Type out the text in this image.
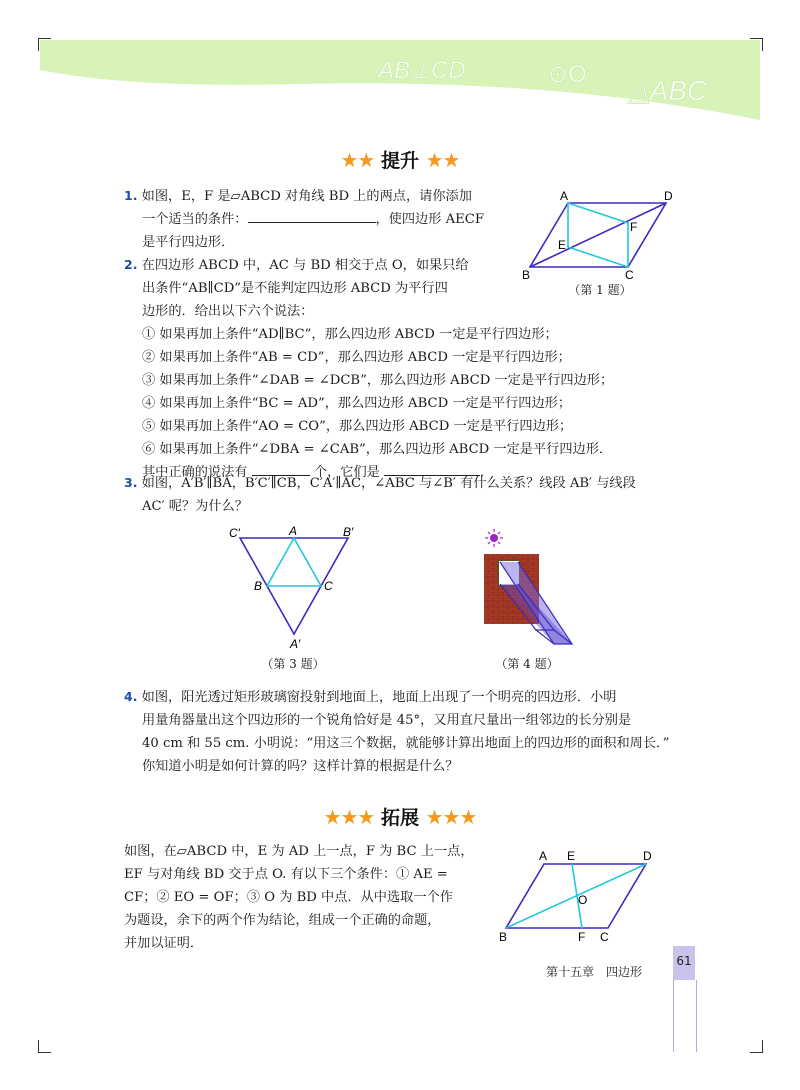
AB⊥CD	⊙O
△ABC
★★ 提升 ★★
1. 如图，E，F 是▱ABCD 对角线 BD 上的两点，请你添加
一个适当的条件：	，使四边形 AECF
是平行四边形．
2. 在四边形 ABCD 中，AC 与 BD 相交于点 O，如果只给
出条件“AB∥CD”是不能判定四边形 ABCD 为平行四
边形的．给出以下六个说法：
① 如果再加上条件“AD∥BC”，那么四边形 ABCD 一定是平行四边形；
② 如果再加上条件“AB = CD”，那么四边形 ABCD 一定是平行四边形；
③ 如果再加上条件“∠DAB = ∠DCB”，那么四边形 ABCD 一定是平行四边形；
④ 如果再加上条件“BC = AD”，那么四边形 ABCD 一定是平行四边形；
⑤ 如果再加上条件“AO = CO”，那么四边形 ABCD 一定是平行四边形；
⑥ 如果再加上条件“∠DBA = ∠CAB”，那么四边形 ABCD 一定是平行四边形．
其中正确的说法有	个，它们是	．
A	D
B	C
E
F
（第 1 题）
3. 如图，A′B′∥BA，B′C′∥CB，C′A′∥AC，∠ABC 与∠B′ 有什么关系？线段 AB′ 与线段
AC′ 呢？为什么？
C′	A	B′
B	C
A′
（第 3 题）	（第 4 题）
4. 如图，阳光透过矩形玻璃窗投射到地面上，地面上出现了一个明亮的四边形．小明
用量角器量出这个四边形的一个锐角恰好是 45°，又用直尺量出一组邻边的长分别是
40 cm 和 55 cm. 小明说：“用这三个数据，就能够计算出地面上的四边形的面积和周长．”
你知道小明是如何计算的吗？这样计算的根据是什么？
★★★ 拓展 ★★★
如图，在▱ABCD 中，E 为 AD 上一点，F 为 BC 上一点，
EF 与对角线 BD 交于点 O. 有以下三个条件：① AE =
CF；② EO = OF；③ O 为 BD 中点．从中选取一个作
为题设，余下的两个作为结论，组成一个正确的命题，
并加以证明．
A E	D
O
B	F C
第十五章　四边形
61
